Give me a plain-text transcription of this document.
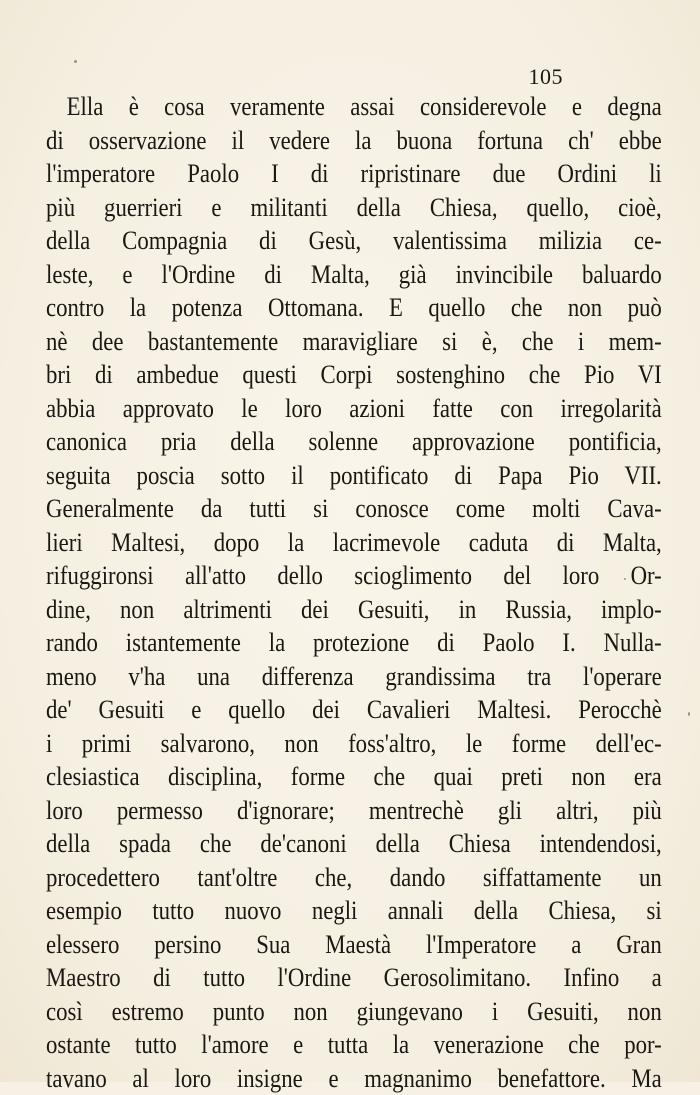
105
Ella è cosa veramente assai considerevole e degna
di osservazione il vedere la buona fortuna ch' ebbe
l'imperatore Paolo I di ripristinare due Ordini li
più guerrieri e militanti della Chiesa, quello, cioè,
della Compagnia di Gesù, valentissima milizia ce-
leste, e l'Ordine di Malta, già invincibile baluardo
contro la potenza Ottomana. E quello che non può
nè dee bastantemente maravigliare si è, che i mem-
bri di ambedue questi Corpi sostenghino che Pio VI
abbia approvato le loro azioni fatte con irregolarità
canonica pria della solenne approvazione pontificia,
seguita poscia sotto il pontificato di Papa Pio VII.
Generalmente da tutti si conosce come molti Cava-
lieri Maltesi, dopo la lacrimevole caduta di Malta,
rifuggironsi all'atto dello scioglimento del loro Or-
dine, non altrimenti dei Gesuiti, in Russia, implo-
rando istantemente la protezione di Paolo I. Nulla-
meno v'ha una differenza grandissima tra l'operare
de' Gesuiti e quello dei Cavalieri Maltesi. Perocchè
i primi salvarono, non foss'altro, le forme dell'ec-
clesiastica disciplina, forme che quai preti non era
loro permesso d'ignorare; mentrechè gli altri, più
della spada che de'canoni della Chiesa intendendosi,
procedettero tant'oltre che, dando siffattamente un
esempio tutto nuovo negli annali della Chiesa, si
elessero persino Sua Maestà l'Imperatore a Gran
Maestro di tutto l'Ordine Gerosolimitano. Infino a
così estremo punto non giungevano i Gesuiti, non
ostante tutto l'amore e tutta la venerazione che por-
tavano al loro insigne e magnanimo benefattore. Ma
